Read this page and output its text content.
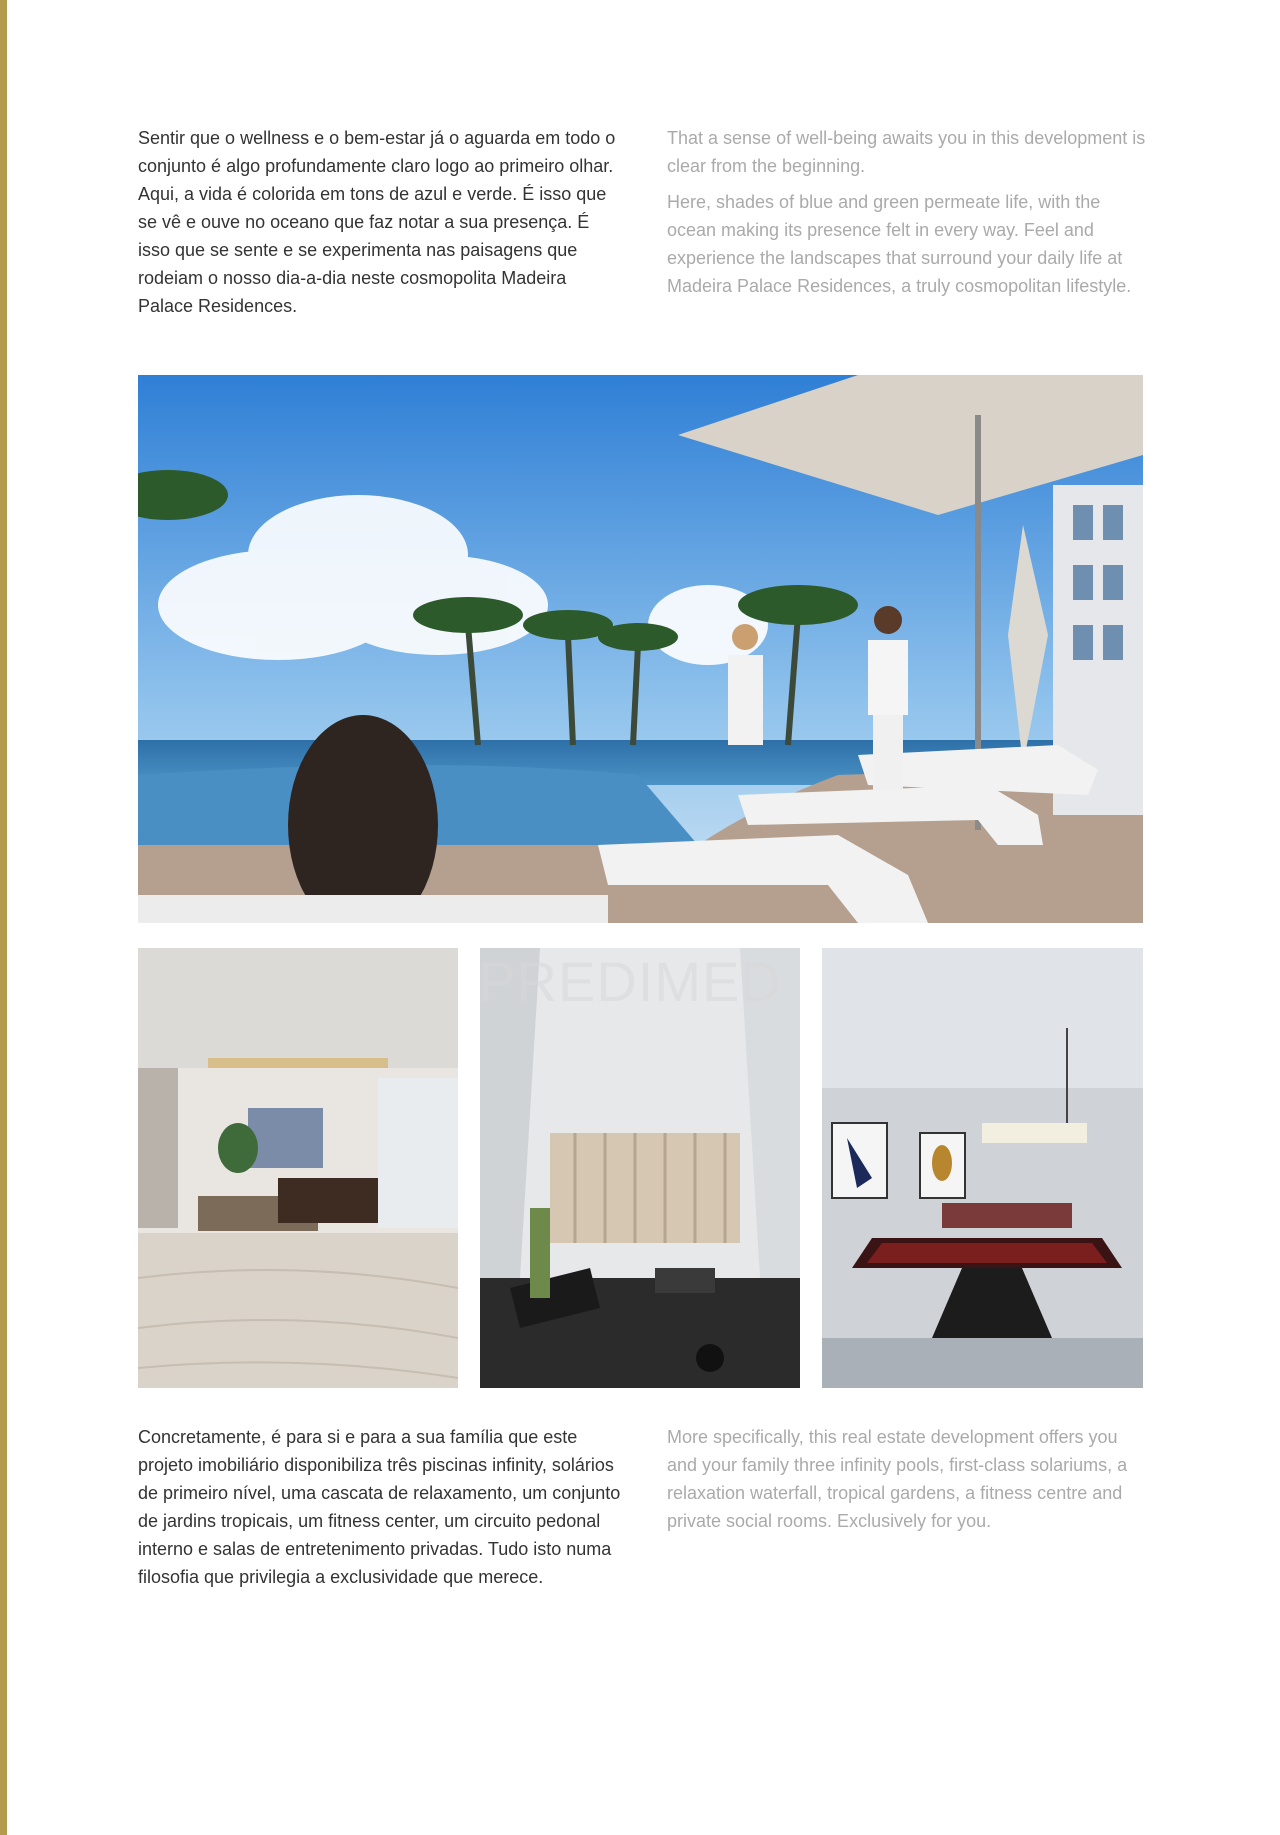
Sentir que o wellness e o bem-estar já o aguarda em todo o conjunto é algo profundamente claro logo ao primeiro olhar. Aqui, a vida é colorida em tons de azul e verde. É isso que se vê e ouve no oceano que faz notar a sua presença. É isso que se sente e se experimenta nas paisagens que rodeiam o nosso dia-a-dia neste cosmopolita Madeira Palace Residences.

That a sense of well-being awaits you in this development is clear from the beginning.

Here, shades of blue and green permeate life, with the ocean making its presence felt in every way. Feel and experience the landscapes that surround your daily life at Madeira Palace Residences, a truly cosmopolitan lifestyle.

PREDIMED

Concretamente, é para si e para a sua família que este projeto imobiliário disponibiliza três piscinas infinity, solários de primeiro nível, uma cascata de relaxamento, um conjunto de jardins tropicais, um fitness center, um circuito pedonal interno e salas de entretenimento privadas. Tudo isto numa filosofia que privilegia a exclusividade que merece.

More specifically, this real estate development offers you and your family three infinity pools, first-class solariums, a relaxation waterfall, tropical gardens, a fitness centre and private social rooms. Exclusively for you.
